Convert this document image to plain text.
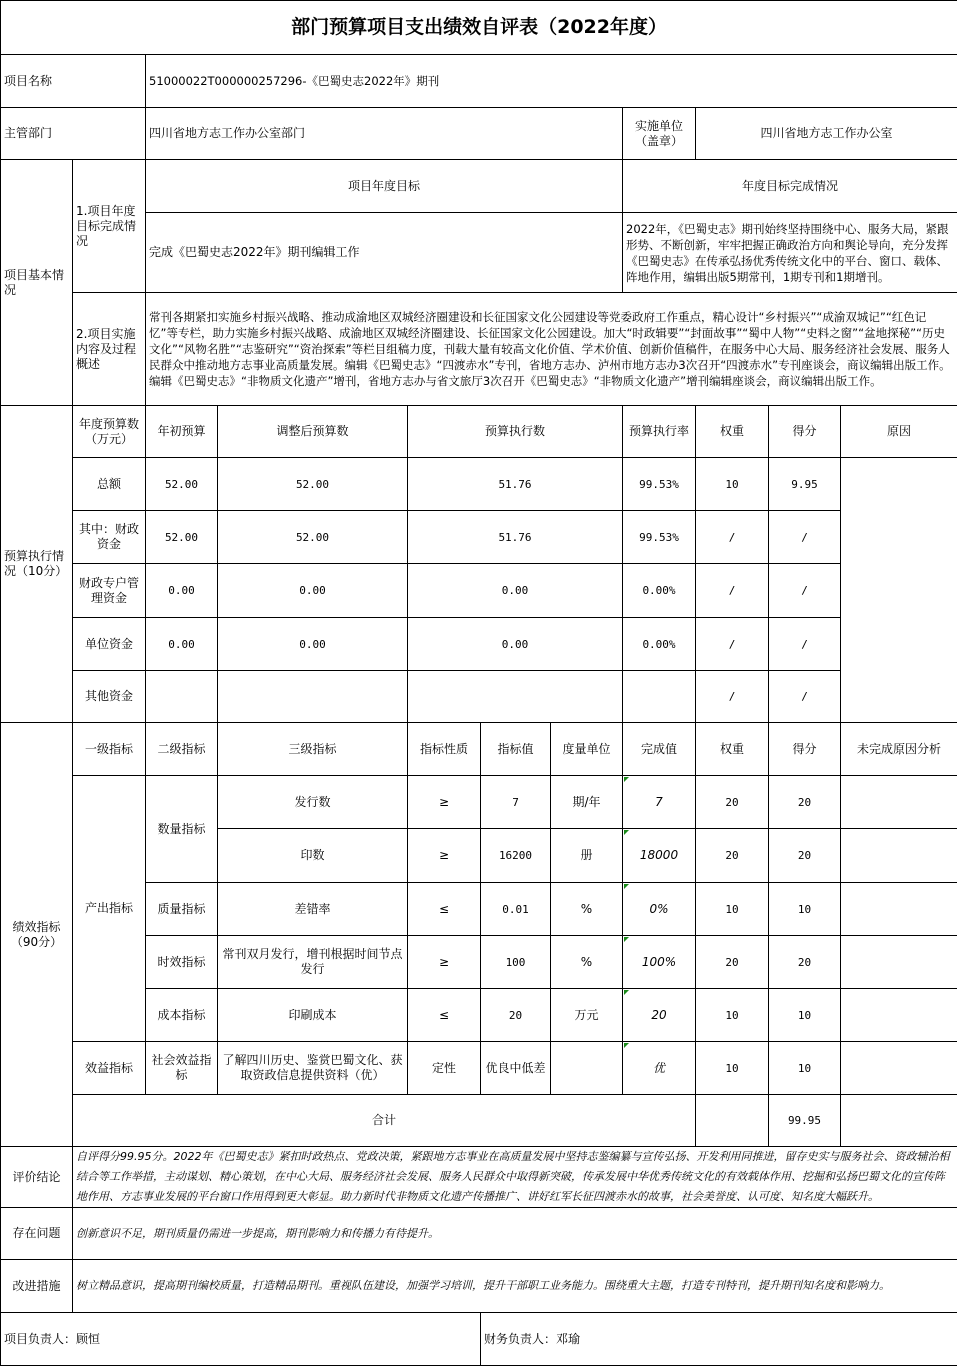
部门预算项目支出绩效自评表（2022年度）										
项目名称		51000022T000000257296-《巴蜀史志2022年》期刊								
主管部门		四川省地方志工作办公室部门					实施单位（盖章）	四川省地方志工作办公室		
项目基本情况	1.项目年度目标完成情况	项目年度目标					年度目标完成情况			
		完成《巴蜀史志2022年》期刊编辑工作					2022年，《巴蜀史志》期刊始终坚持围绕中心、服务大局，紧跟形势、不断创新，牢牢把握正确政治方向和舆论导向，充分发挥《巴蜀史志》在传承弘扬优秀传统文化中的平台、窗口、载体、阵地作用，编辑出版5期常刊，1期专刊和1期增刊。			
	2.项目实施内容及过程概述	常刊各期紧扣实施乡村振兴战略、推动成渝地区双城经济圈建设和长征国家文化公园建设等党委政府工作重点，精心设计“乡村振兴”“成渝双城记”“红色记忆”等专栏，助力实施乡村振兴战略、成渝地区双城经济圈建设、长征国家文化公园建设。加大“时政辑要”“封面故事”“蜀中人物”“史料之窗”“盆地探秘”“历史文化”“风物名胜”“志鉴研究”“资治探索”等栏目组稿力度，刊载大量有较高文化价值、学术价值、创新价值稿件，在服务中心大局、服务经济社会发展、服务人民群众中推动地方志事业高质量发展。编辑《巴蜀史志》“四渡赤水”专刊，省地方志办、泸州市地方志办3次召开“四渡赤水”专刊座谈会，商议编辑出版工作。编辑《巴蜀史志》“非物质文化遗产”增刊，省地方志办与省文旅厅3次召开《巴蜀史志》“非物质文化遗产”增刊编辑座谈会，商议编辑出版工作。								
预算执行情况（10分）	年度预算数（万元）	年初预算	调整后预算数	预算执行数			预算执行率	权重	得分	原因
	总额	52.00	52.00	51.76			99.53%	10	9.95	
	其中：财政资金	52.00	52.00	51.76			99.53%	/	/	
	财政专户管理资金	0.00	0.00	0.00			0.00%	/	/	
	单位资金	0.00	0.00	0.00			0.00%	/	/	
	其他资金							/	/	
绩效指标（90分）	一级指标	二级指标	三级指标	指标性质	指标值	度量单位	完成值	权重	得分	未完成原因分析
	产出指标	数量指标	发行数	≥	7	期/年	7	20	20	
			印数	≥	16200	册	18000	20	20	
		质量指标	差错率	≤	0.01	%	0%	10	10	
		时效指标	常刊双月发行，增刊根据时间节点发行	≥	100	%	100%	20	20	
		成本指标	印刷成本	≤	20	万元	20	10	10	
	效益指标	社会效益指标	了解四川历史、鉴赏巴蜀文化、获取资政信息提供资料（优）	定性	优良中低差		优	10	10	
	合计								99.95	
评价结论	自评得分99.95分。2022年《巴蜀史志》紧扣时政热点、党政决策，紧跟地方志事业在高质量发展中坚持志鉴编纂与宣传弘扬、开发利用同推进，留存史实与服务社会、资政辅治相结合等工作举措，主动谋划、精心策划，在中心大局、服务经济社会发展、服务人民群众中取得新突破，传承发展中华优秀传统文化的有效载体作用、挖掘和弘扬巴蜀文化的宣传阵地作用、方志事业发展的平台窗口作用得到更大彰显。助力新时代非物质文化遗产传播推广、讲好红军长征四渡赤水的故事，社会美誉度、认可度、知名度大幅跃升。									
存在问题	创新意识不足，期刊质量仍需进一步提高，期刊影响力和传播力有待提升。									
改进措施	树立精品意识，提高期刊编校质量，打造精品期刊。重视队伍建设，加强学习培训，提升干部职工业务能力。围绕重大主题，打造专刊特刊，提升期刊知名度和影响力。									
项目负责人：顾恒					财务负责人：邓瑜					
